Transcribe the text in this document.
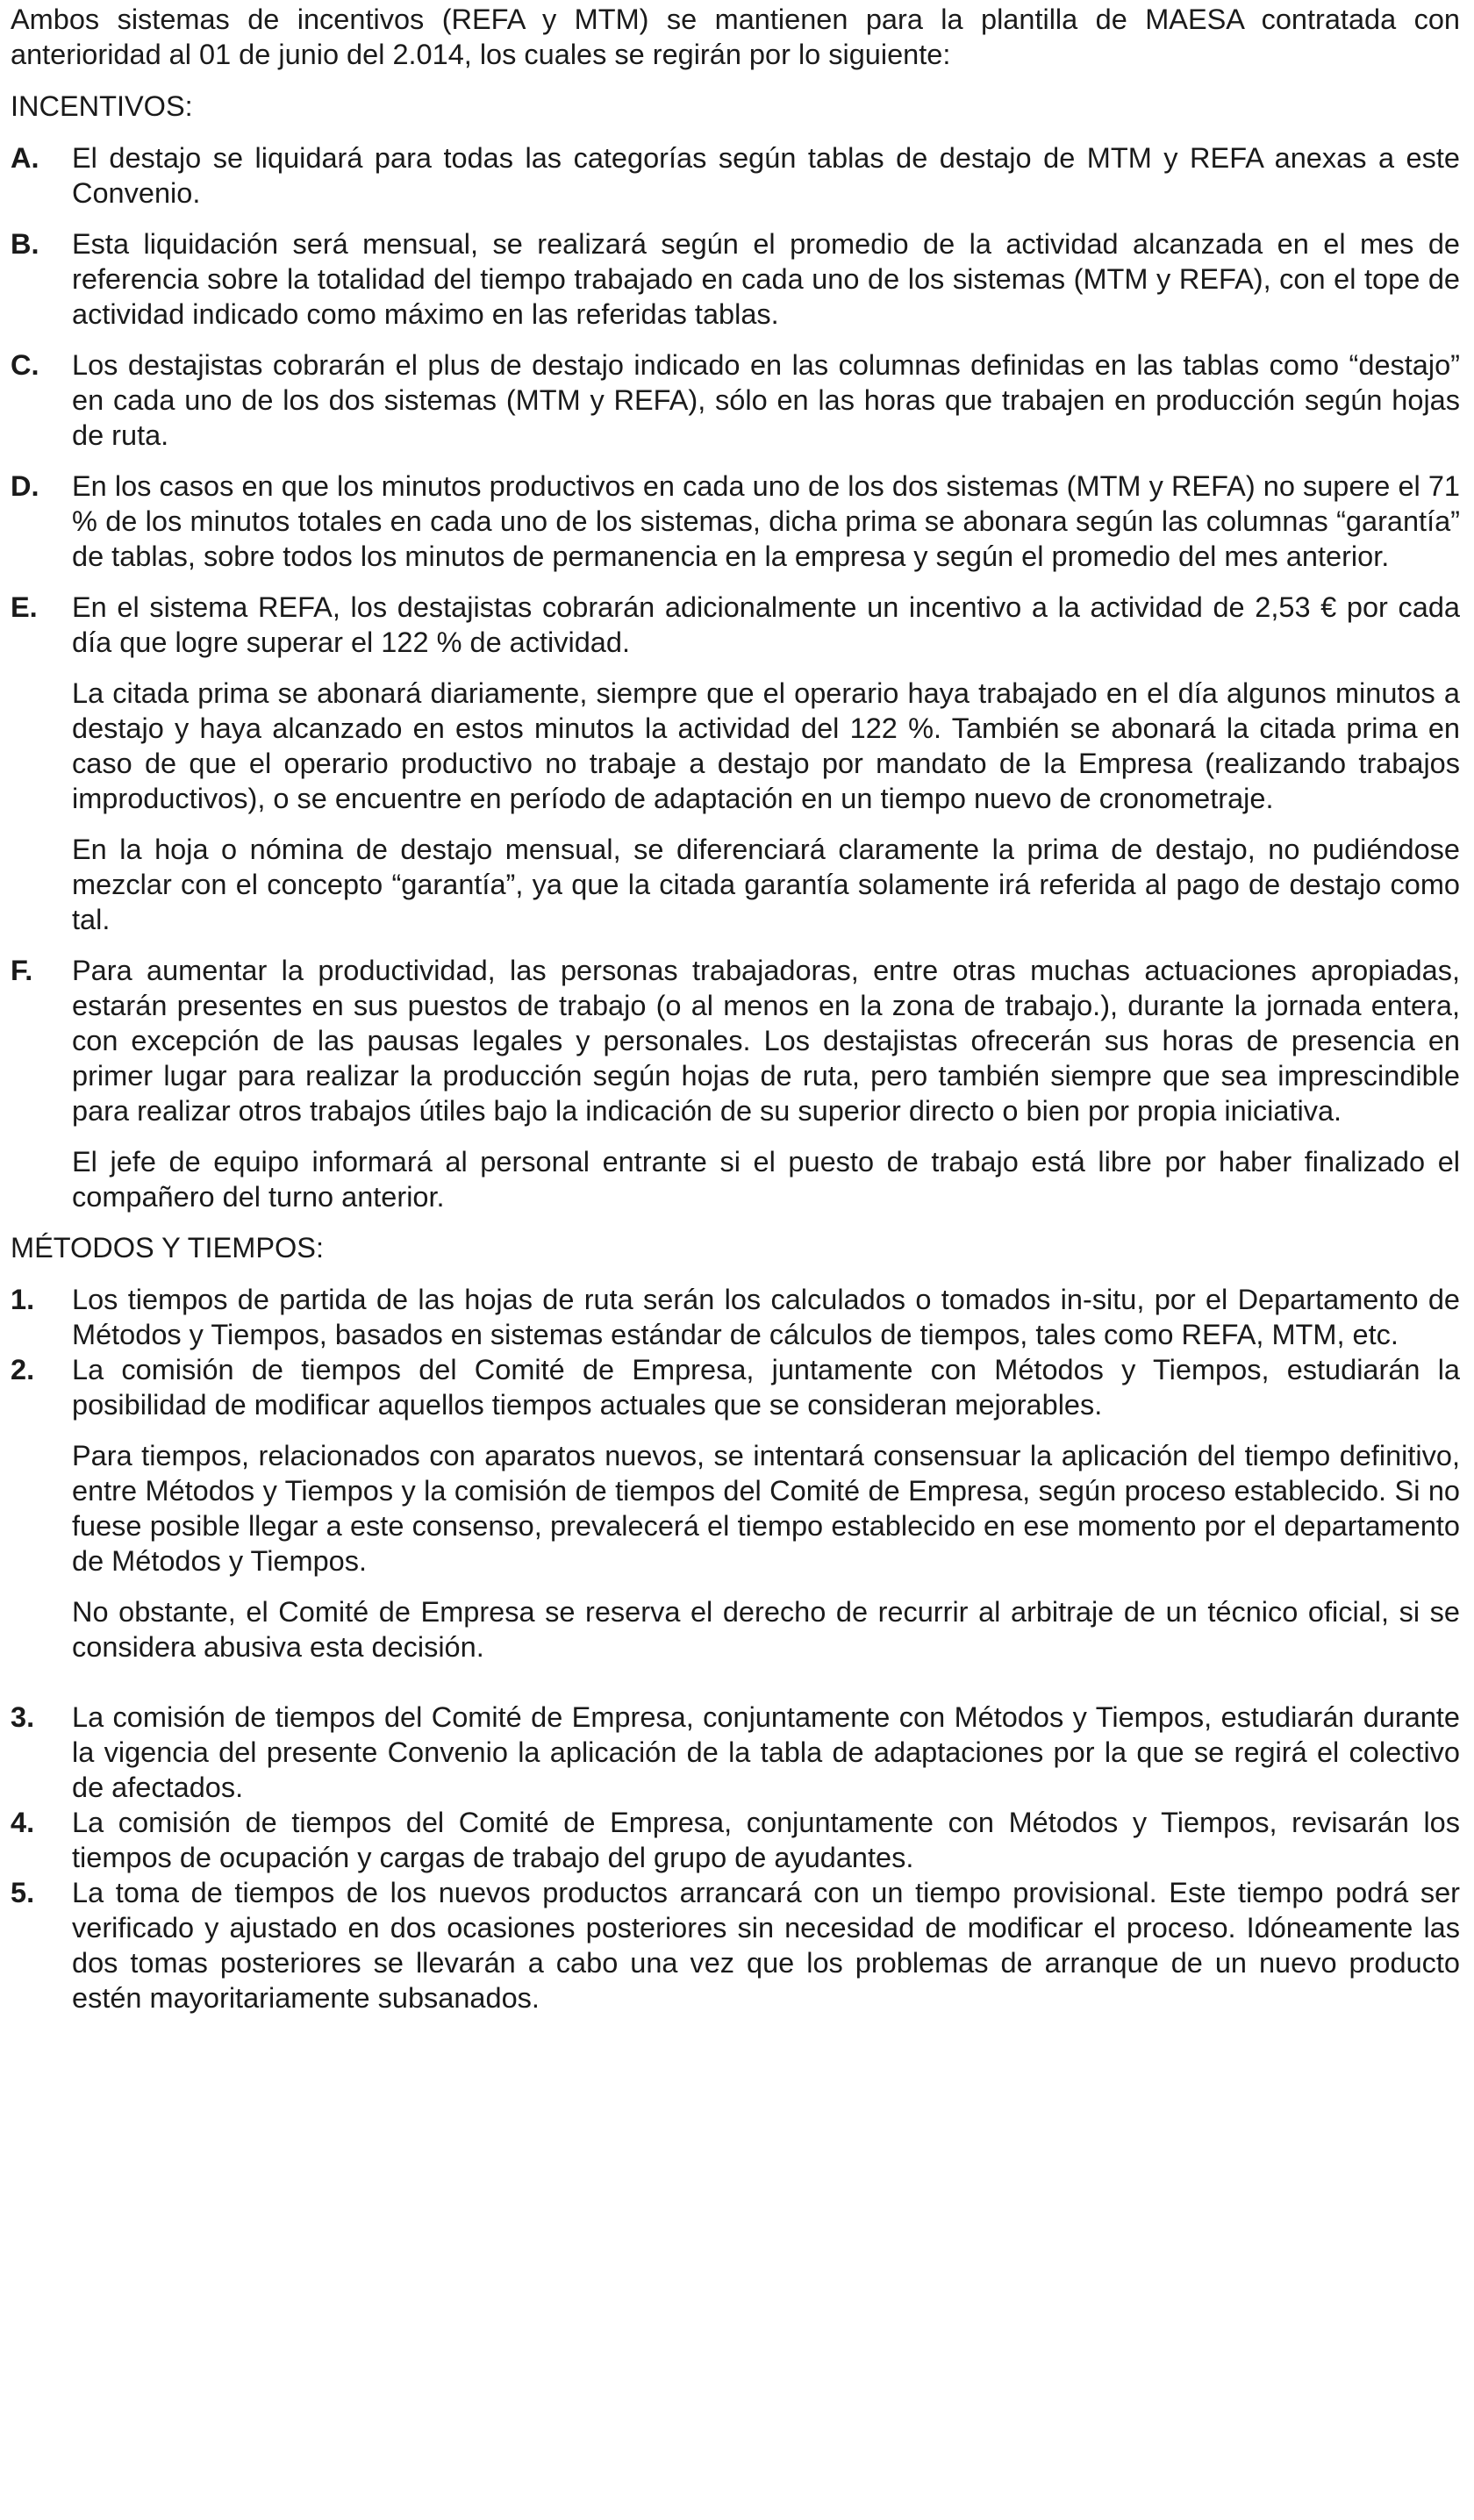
Ambos sistemas de incentivos (REFA y MTM) se mantienen para la plantilla de MAESA contratada con anterioridad al 01 de junio del 2.014, los cuales se regirán por lo siguiente:

INCENTIVOS:

A. El destajo se liquidará para todas las categorías según tablas de destajo de MTM y REFA anexas a este Convenio.

B. Esta liquidación será mensual, se realizará según el promedio de la actividad alcanzada en el mes de referencia sobre la totalidad del tiempo trabajado en cada uno de los sistemas (MTM y REFA), con el tope de actividad indicado como máximo en las referidas tablas.

C. Los destajistas cobrarán el plus de destajo indicado en las columnas definidas en las tablas como “destajo” en cada uno de los dos sistemas (MTM y REFA), sólo en las horas que trabajen en producción según hojas de ruta.

D. En los casos en que los minutos productivos en cada uno de los dos sistemas (MTM y REFA) no supere el 71 % de los minutos totales en cada uno de los sistemas, dicha prima se abonara según las columnas “garantía” de tablas, sobre todos los minutos de permanencia en la empresa y según el promedio del mes anterior.

E. En el sistema REFA, los destajistas cobrarán adicionalmente un incentivo a la actividad de 2,53 € por cada día que logre superar el 122 % de actividad.

La citada prima se abonará diariamente, siempre que el operario haya trabajado en el día algunos minutos a destajo y haya alcanzado en estos minutos la actividad del 122 %. También se abonará la citada prima en caso de que el operario productivo no trabaje a destajo por mandato de la Empresa (realizando trabajos improductivos), o se encuentre en período de adaptación en un tiempo nuevo de cronometraje.

En la hoja o nómina de destajo mensual, se diferenciará claramente la prima de destajo, no pudiéndose mezclar con el concepto “garantía”, ya que la citada garantía solamente irá referida al pago de destajo como tal.

F. Para aumentar la productividad, las personas trabajadoras, entre otras muchas actuaciones apropiadas, estarán presentes en sus puestos de trabajo (o al menos en la zona de trabajo.), durante la jornada entera, con excepción de las pausas legales y personales. Los destajistas ofrecerán sus horas de presencia en primer lugar para realizar la producción según hojas de ruta, pero también siempre que sea imprescindible para realizar otros trabajos útiles bajo la indicación de su superior directo o bien por propia iniciativa.

El jefe de equipo informará al personal entrante si el puesto de trabajo está libre por haber finalizado el compañero del turno anterior.

MÉTODOS Y TIEMPOS:

1. Los tiempos de partida de las hojas de ruta serán los calculados o tomados in-situ, por el Departamento de Métodos y Tiempos, basados en sistemas estándar de cálculos de tiempos, tales como REFA, MTM, etc.

2. La comisión de tiempos del Comité de Empresa, juntamente con Métodos y Tiempos, estudiarán la posibilidad de modificar aquellos tiempos actuales que se consideran mejorables.

Para tiempos, relacionados con aparatos nuevos, se intentará consensuar la aplicación del tiempo definitivo, entre Métodos y Tiempos y la comisión de tiempos del Comité de Empresa, según proceso establecido. Si no fuese posible llegar a este consenso, prevalecerá el tiempo establecido en ese momento por el departamento de Métodos y Tiempos.

No obstante, el Comité de Empresa se reserva el derecho de recurrir al arbitraje de un técnico oficial, si se considera abusiva esta decisión.

3. La comisión de tiempos del Comité de Empresa, conjuntamente con Métodos y Tiempos, estudiarán durante la vigencia del presente Convenio la aplicación de la tabla de adaptaciones por la que se regirá el colectivo de afectados.

4. La comisión de tiempos del Comité de Empresa, conjuntamente con Métodos y Tiempos, revisarán los tiempos de ocupación y cargas de trabajo del grupo de ayudantes.

5. La toma de tiempos de los nuevos productos arrancará con un tiempo provisional. Este tiempo podrá ser verificado y ajustado en dos ocasiones posteriores sin necesidad de modificar el proceso. Idóneamente las dos tomas posteriores se llevarán a cabo una vez que los problemas de arranque de un nuevo producto estén mayoritariamente subsanados.
